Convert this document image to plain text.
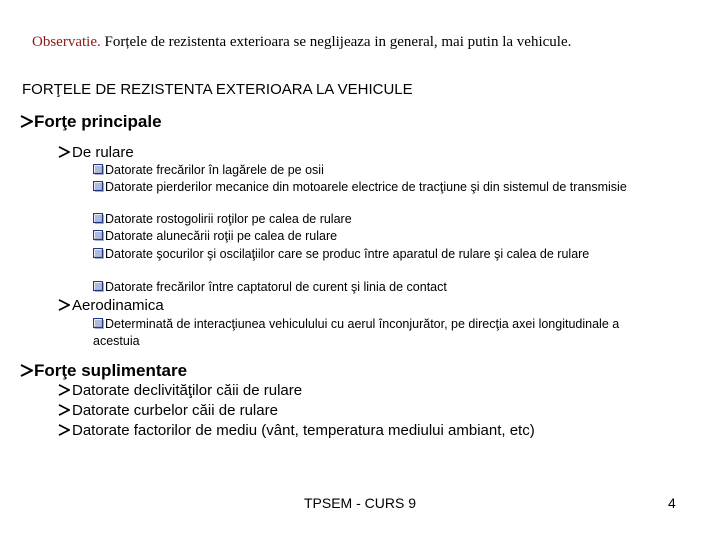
Observatie. Forțele de rezistenta exterioara se neglijeaza in general, mai putin la vehicule.
FORŢELE DE REZISTENTA EXTERIOARA LA VEHICULE
Forţe principale
De rulare
Datorate frecărilor în lagărele de pe osii
Datorate pierderilor mecanice din motoarele electrice de tracţiune şi din sistemul de transmisie
Datorate rostogolirii roţilor pe calea de rulare
Datorate alunecării roţii pe calea de rulare
Datorate şocurilor şi oscilaţiilor care se produc între aparatul de rulare şi calea de rulare
Datorate frecărilor între captatorul de curent şi linia de contact
Aerodinamica
Determinată de interacţiunea vehiculului cu aerul înconjurător, pe direcţia axei longitudinale a acestuia
Forţe suplimentare
Datorate declivităţilor căii de rulare
Datorate curbelor căii de rulare
Datorate factorilor de mediu (vânt, temperatura mediului ambiant, etc)
TPSEM - CURS 9	4
